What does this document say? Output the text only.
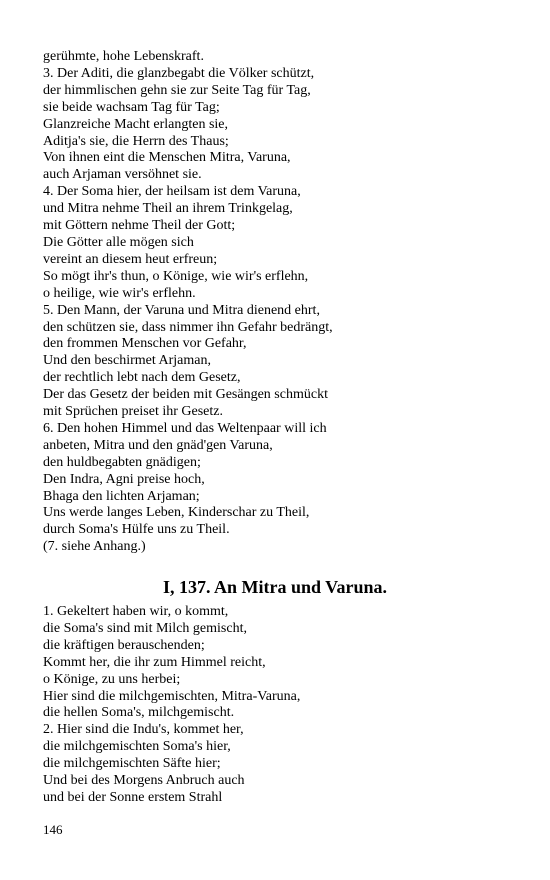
gerühmte, hohe Lebenskraft.
3. Der Aditi, die glanzbegabt die Völker schützt,
der himmlischen gehn sie zur Seite Tag für Tag,
sie beide wachsam Tag für Tag;
Glanzreiche Macht erlangten sie,
Aditja's sie, die Herrn des Thaus;
Von ihnen eint die Menschen Mitra, Varuna,
auch Arjaman versöhnet sie.
4. Der Soma hier, der heilsam ist dem Varuna,
und Mitra nehme Theil an ihrem Trinkgelag,
mit Göttern nehme Theil der Gott;
Die Götter alle mögen sich
vereint an diesem heut erfreun;
So mögt ihr's thun, o Könige, wie wir's erflehn,
o heilige, wie wir's erflehn.
5. Den Mann, der Varuna und Mitra dienend ehrt,
den schützen sie, dass nimmer ihn Gefahr bedrängt,
den frommen Menschen vor Gefahr,
Und den beschirmet Arjaman,
der rechtlich lebt nach dem Gesetz,
Der das Gesetz der beiden mit Gesängen schmückt
mit Sprüchen preiset ihr Gesetz.
6. Den hohen Himmel und das Weltenpaar will ich
anbeten, Mitra und den gnäd'gen Varuna,
den huldbegabten gnädigen;
Den Indra, Agni preise hoch,
Bhaga den lichten Arjaman;
Uns werde langes Leben, Kinderschar zu Theil,
durch Soma's Hülfe uns zu Theil.
(7. siehe Anhang.)
I, 137. An Mitra und Varuna.
1. Gekeltert haben wir, o kommt,
die Soma's sind mit Milch gemischt,
die kräftigen berauschenden;
Kommt her, die ihr zum Himmel reicht,
o Könige, zu uns herbei;
Hier sind die milchgemischten, Mitra-Varuna,
die hellen Soma's, milchgemischt.
2. Hier sind die Indu's, kommet her,
die milchgemischten Soma's hier,
die milchgemischten Säfte hier;
Und bei des Morgens Anbruch auch
und bei der Sonne erstem Strahl
146
